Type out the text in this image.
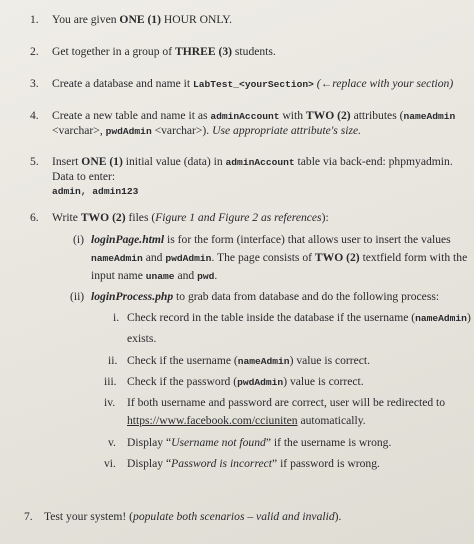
1. You are given ONE (1) HOUR ONLY.
2. Get together in a group of THREE (3) students.
3. Create a database and name it LabTest_<yourSection> (←replace with your section)
4. Create a new table and name it as adminAccount with TWO (2) attributes (nameAdmin
<varchar>, pwdAdmin <varchar>). Use appropriate attribute's size.
5. Insert ONE (1) initial value (data) in adminAccount table via back-end: phpmyadmin.
Data to enter:
admin, admin123
6. Write TWO (2) files (Figure 1 and Figure 2 as references):
(i) loginPage.html is for the form (interface) that allows user to insert the values
nameAdmin and pwdAdmin. The page consists of TWO (2) textfield form with the
input name uname and pwd.
(ii) loginProcess.php to grab data from database and do the following process:
i. Check record in the table inside the database if the username (nameAdmin)
exists.
ii. Check if the username (nameAdmin) value is correct.
iii. Check if the password (pwdAdmin) value is correct.
iv. If both username and password are correct, user will be redirected to
https://www.facebook.com/cciuniten automatically.
v. Display “Username not found” if the username is wrong.
vi. Display “Password is incorrect” if password is wrong.
7. Test your system! (populate both scenarios – valid and invalid).
